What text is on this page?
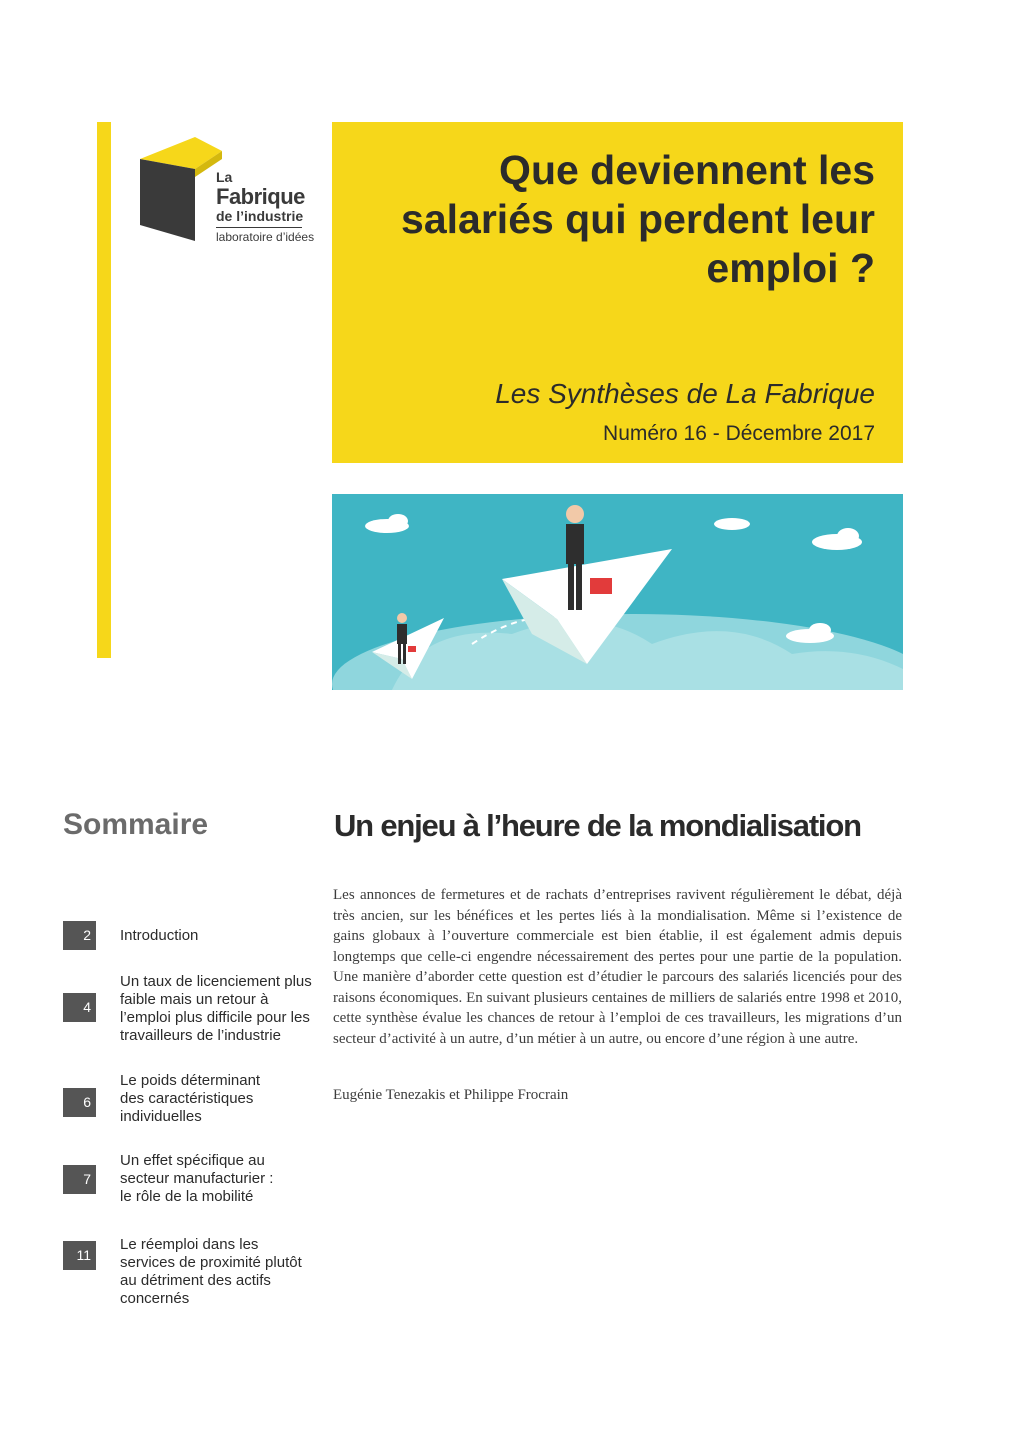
La
Fabrique
de l’industrie
laboratoire d’idées
Que deviennent les salariés qui perdent leur emploi ?
Les Synthèses de La Fabrique
Numéro 16 - Décembre 2017
Sommaire	Un enjeu à l’heure de la mondialisation
Les annonces de fermetures et de rachats d’entreprises ravivent régulièrement le débat, déjà très ancien, sur les bénéfices et les pertes liés à la mondialisation. Même si l’existence de gains globaux à l’ouverture commerciale est bien établie, il est également admis depuis longtemps que celle-ci engendre nécessairement des pertes pour une partie de la population. Une manière d’aborder cette question est d’étudier le parcours des salariés licenciés pour des raisons économiques. En suivant plusieurs centaines de milliers de salariés entre 1998 et 2010, cette synthèse évalue les chances de retour à l’emploi de ces travailleurs, les migrations d’un secteur d’activité à un autre, d’un métier à un autre, ou encore d’une région à une autre.
Eugénie Tenezakis et Philippe Frocrain
2	Introduction
4
Un taux de licenciement plus faible mais un retour à l’emploi plus difficile pour les travailleurs de l’industrie
6
Le poids déterminant des caractéristiques individuelles
7
Un effet spécifique au secteur manufacturier : le rôle de la mobilité
11
Le réemploi dans les services de proximité plutôt au détriment des actifs concernés
